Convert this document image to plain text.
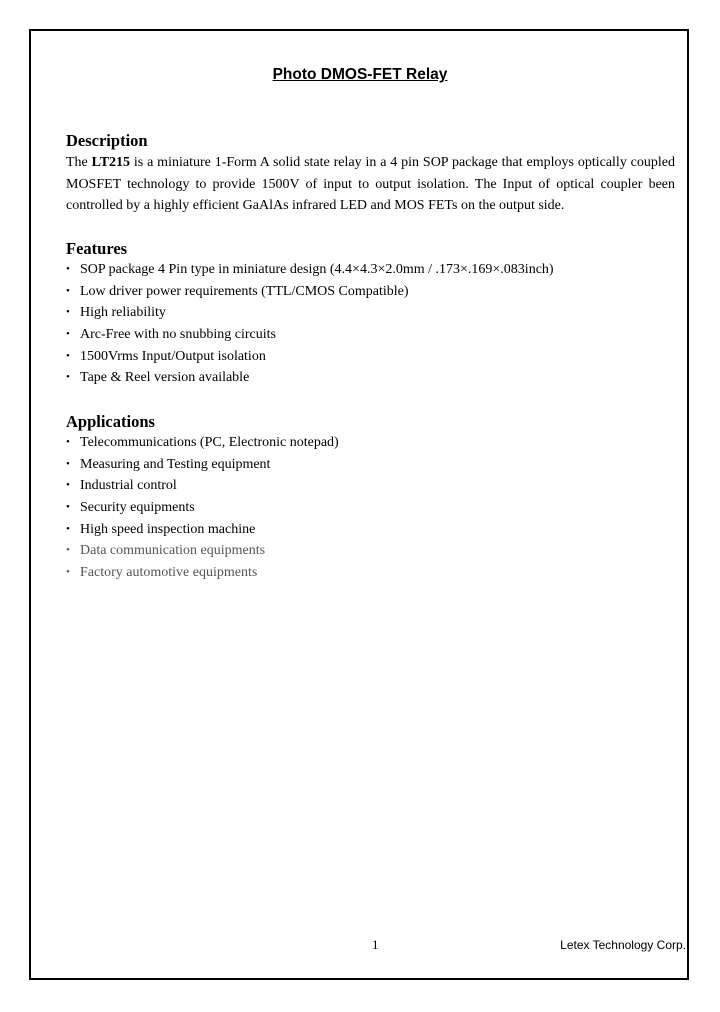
Photo DMOS-FET Relay
Description
The LT215 is a miniature 1-Form A solid state relay in a 4 pin SOP package that employs optically coupled MOSFET technology to provide 1500V of input to output isolation. The Input of optical coupler been controlled by a highly efficient GaAlAs infrared LED and MOS FETs on the output side.
Features
• SOP package 4 Pin type in miniature design (4.4×4.3×2.0mm / .173×.169×.083inch)
• Low driver power requirements (TTL/CMOS Compatible)
• High reliability
• Arc-Free with no snubbing circuits
• 1500Vrms Input/Output isolation
• Tape & Reel version available
Applications
• Telecommunications (PC, Electronic notepad)
• Measuring and Testing equipment
• Industrial control
• Security equipments
• High speed inspection machine
• Data communication equipments
• Factory automotive equipments
1	Letex Technology Corp.
